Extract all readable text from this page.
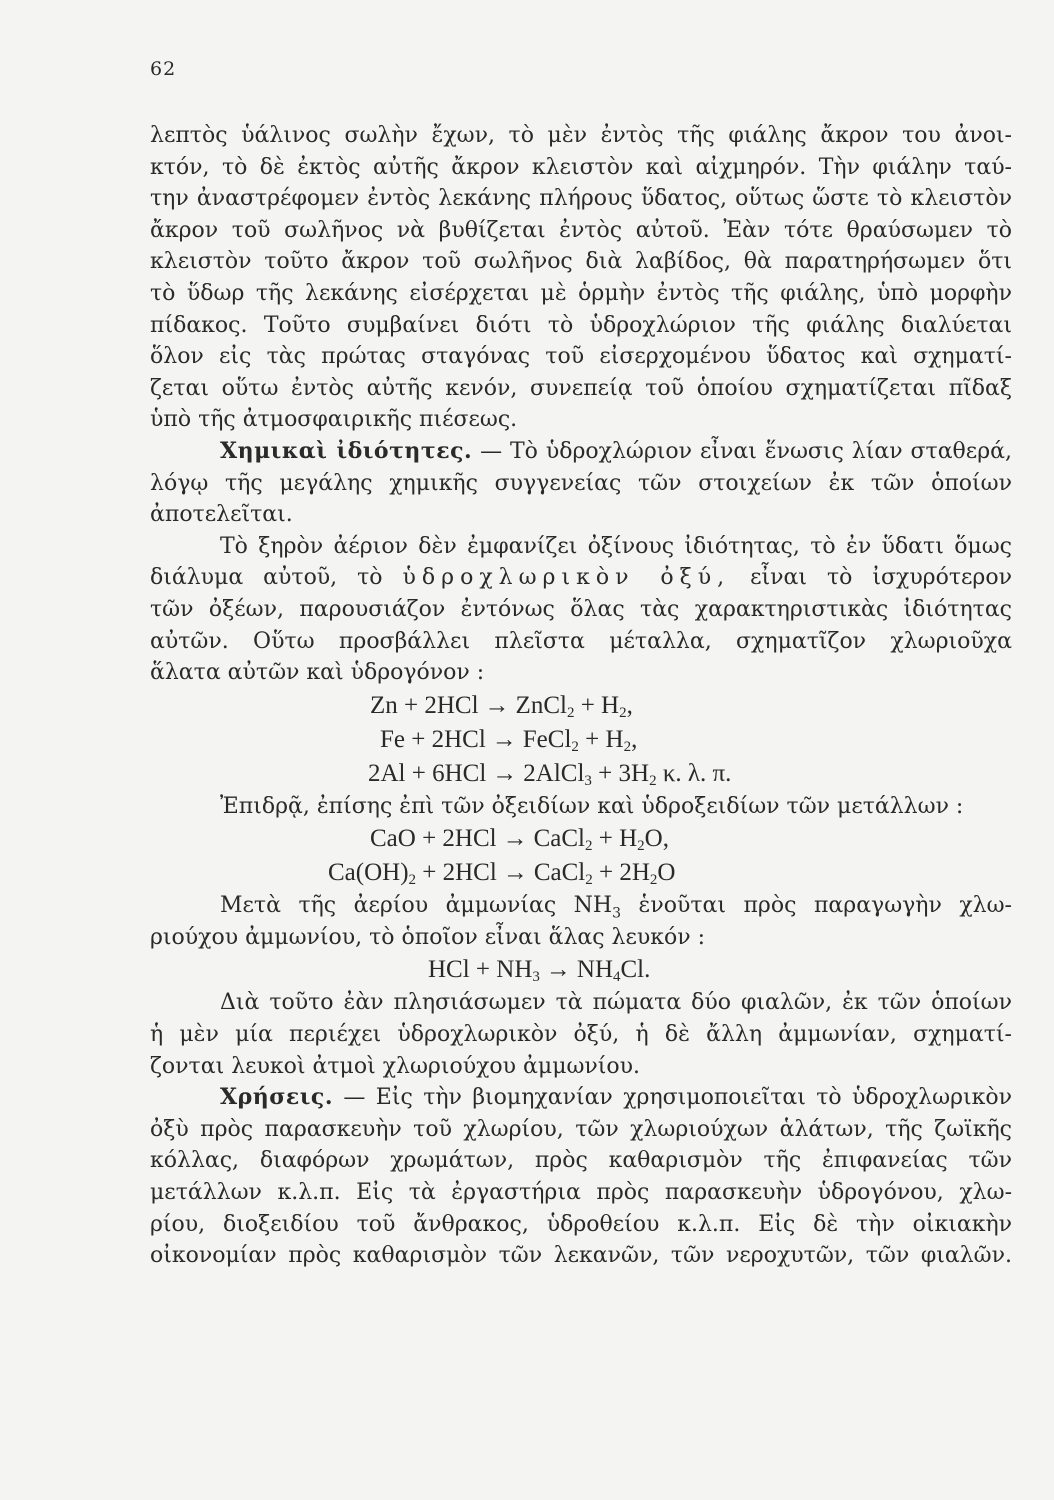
62
λεπτὸς ὑάλινος σωλὴν ἔχων, τὸ μὲν ἐντὸς τῆς φιάλης ἄκρον του ἀνοι-
κτόν, τὸ δὲ ἐκτὸς αὐτῆς ἄκρον κλειστὸν καὶ αἰχμηρόν. Τὴν φιάλην ταύ-
την ἀναστρέφομεν ἐντὸς λεκάνης πλήρους ὕδατος, οὕτως ὥστε τὸ κλειστὸν
ἄκρον τοῦ σωλῆνος νὰ βυθίζεται ἐντὸς αὐτοῦ. Ἐὰν τότε θραύσωμεν τὸ
κλειστὸν τοῦτο ἄκρον τοῦ σωλῆνος διὰ λαβίδος, θὰ παρατηρήσωμεν ὅτι
τὸ ὕδωρ τῆς λεκάνης εἰσέρχεται μὲ ὁρμὴν ἐντὸς τῆς φιάλης, ὑπὸ μορφὴν
πίδακος. Τοῦτο συμβαίνει διότι τὸ ὑδροχλώριον τῆς φιάλης διαλύεται
ὅλον εἰς τὰς πρώτας σταγόνας τοῦ εἰσερχομένου ὕδατος καὶ σχηματί-
ζεται οὕτω ἐντὸς αὐτῆς κενόν, συνεπείᾳ τοῦ ὁποίου σχηματίζεται πῖδαξ
ὑπὸ τῆς ἀτμοσφαιρικῆς πιέσεως.
Χημικαὶ ἰδιότητες. — Τὸ ὑδροχλώριον εἶναι ἕνωσις λίαν σταθερά,
λόγῳ τῆς μεγάλης χημικῆς συγγενείας τῶν στοιχείων ἐκ τῶν ὁποίων
ἀποτελεῖται.
Τὸ ξηρὸν ἀέριον δὲν ἐμφανίζει ὀξίνους ἰδιότητας, τὸ ἐν ὕδατι ὅμως
διάλυμα αὐτοῦ, τὸ ὑδροχλωρικὸν ὀξύ, εἶναι τὸ ἰσχυρότερον
τῶν ὀξέων, παρουσιάζον ἐντόνως ὅλας τὰς χαρακτηριστικὰς ἰδιότητας
αὐτῶν. Οὕτω προσβάλλει πλεῖστα μέταλλα, σχηματῖζον χλωριοῦχα
ἅλατα αὐτῶν καὶ ὑδρογόνον :
Zn + 2HCl → ZnCl$_2$ + $H_2$,
Fe + 2HCl → FeCl$_2$ + $H_2$,
2Al + 6HCl → 2AlCl$_3$ + $3H_2$ κ. λ. π.
Ἐπιδρᾷ, ἐπίσης ἐπὶ τῶν ὀξειδίων καὶ ὑδροξειδίων τῶν μετάλλων :
CaO + 2HCl → CaCl$_2$ + $H_2O$,
$Ca(OH)_2 + 2HCl$ → CaCl$_2$ + $2H_2O$
Μετὰ τῆς ἀερίου ἀμμωνίας $NH_3$ ἑνοῦται πρὸς παραγωγὴν χλω-
ριούχου ἀμμωνίου, τὸ ὁποῖον εἶναι ἅλας λευκόν :
HCl + $NH_3 \to NH_4Cl$.
Διὰ τοῦτο ἐὰν πλησιάσωμεν τὰ πώματα δύο φιαλῶν, ἐκ τῶν ὁποίων
ἡ μὲν μία περιέχει ὑδροχλωρικὸν ὀξύ, ἡ δὲ ἄλλη ἀμμωνίαν, σχηματί-
ζονται λευκοὶ ἀτμοὶ χλωριούχου ἀμμωνίου.
Χρήσεις. — Εἰς τὴν βιομηχανίαν χρησιμοποιεῖται τὸ ὑδροχλωρικὸν
ὀξὺ πρὸς παρασκευὴν τοῦ χλωρίου, τῶν χλωριούχων ἁλάτων, τῆς ζωϊκῆς
κόλλας, διαφόρων χρωμάτων, πρὸς καθαρισμὸν τῆς ἐπιφανείας τῶν
μετάλλων κ.λ.π. Εἰς τὰ ἐργαστήρια πρὸς παρασκευὴν ὑδρογόνου, χλω-
ρίου, διοξειδίου τοῦ ἄνθρακος, ὑδροθείου κ.λ.π. Εἰς δὲ τὴν οἰκιακὴν
οἰκονομίαν πρὸς καθαρισμὸν τῶν λεκανῶν, τῶν νεροχυτῶν, τῶν φιαλῶν.
